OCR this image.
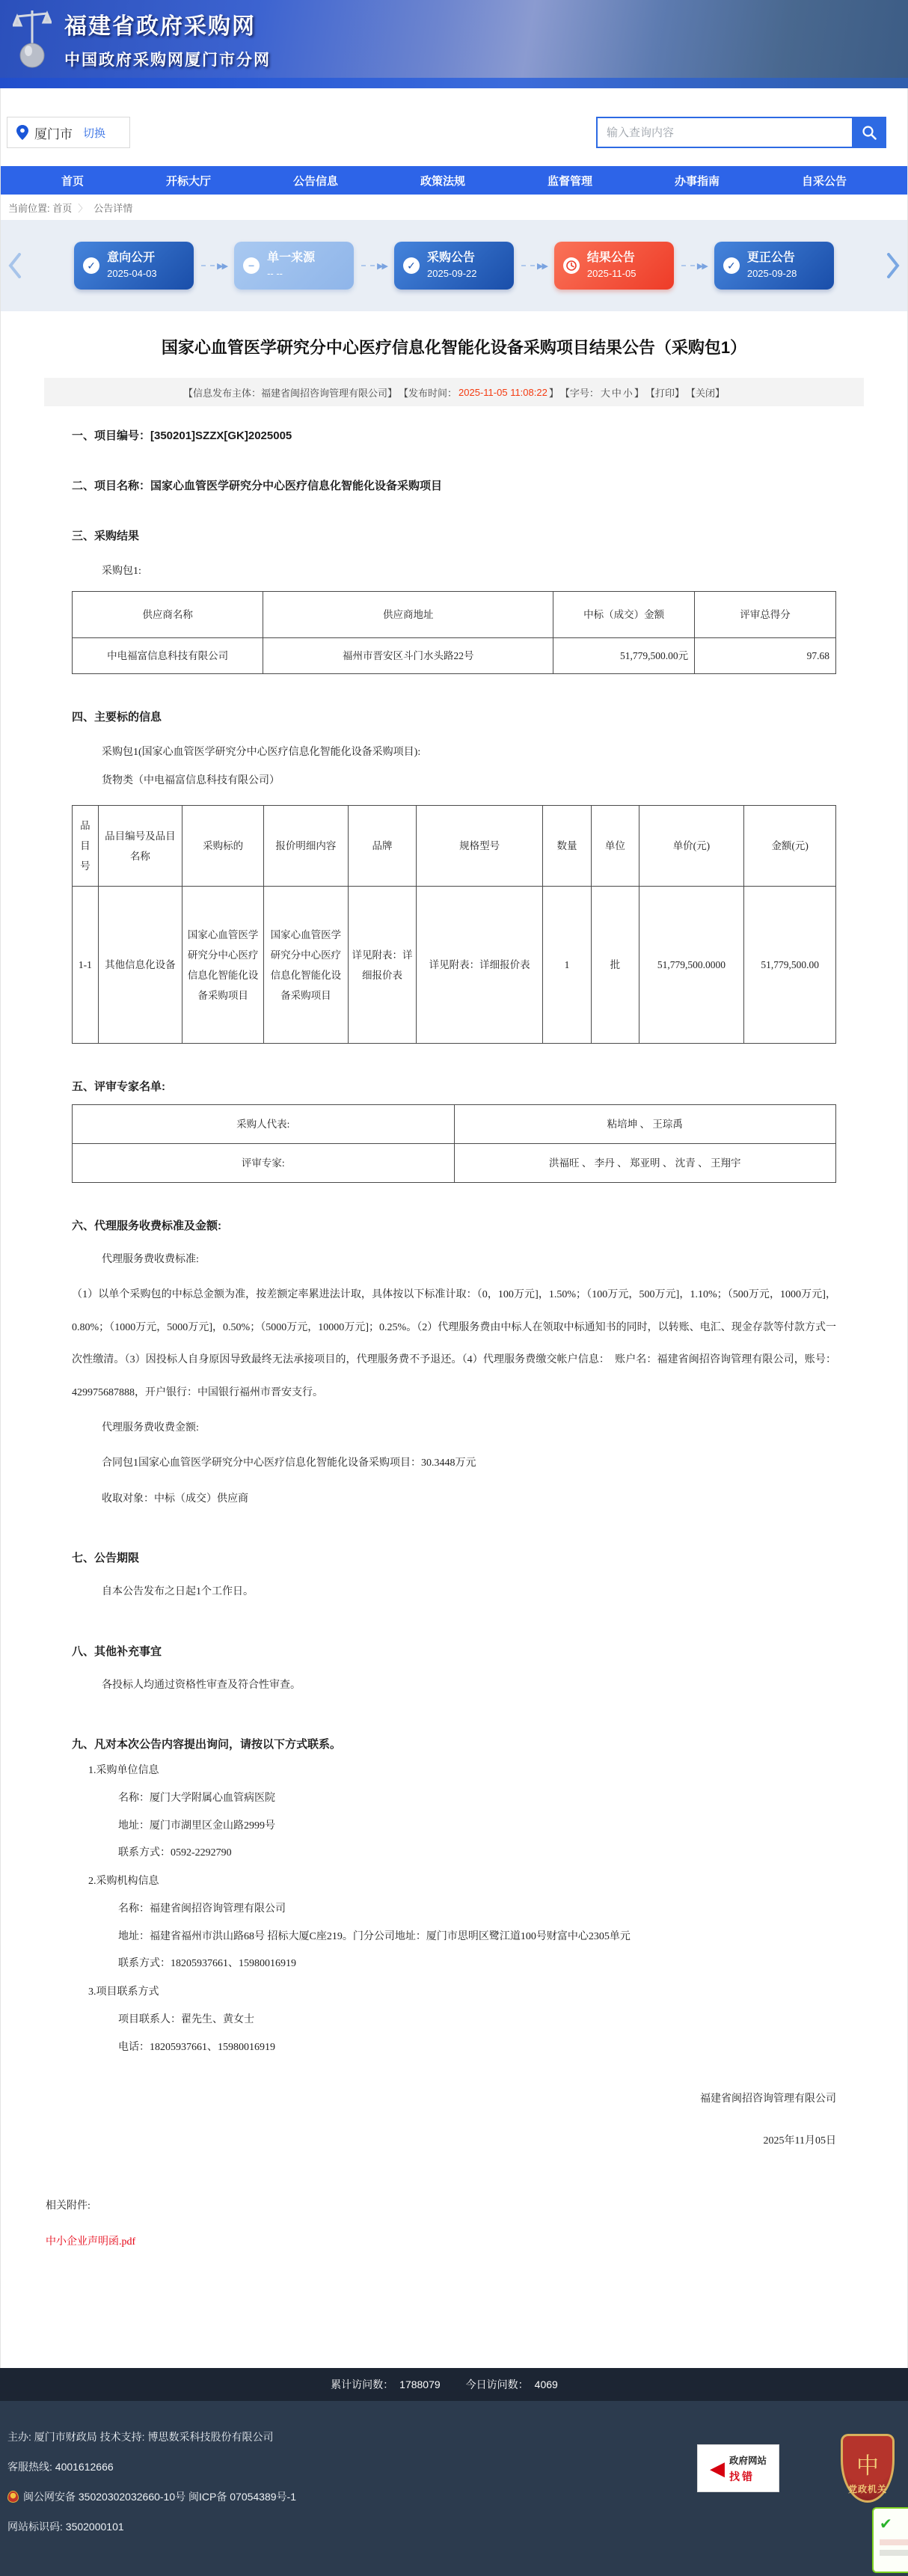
福建省政府采购网
中国政府采购网厦门市分网
厦门市 切换
输入查询内容
首页	开标大厅	公告信息	政策法规	监督管理	办事指南	自采公告
当前位置:
首页 〉 公告详情
✓
意向公开
2025-04-03
▶▶	−
单一来源
-- --
▶▶	✓
采购公告
2025-09-22
▶▶
结果公告
2025-11-05
▶▶	✓
更正公告
2025-09-28
国家心血管医学研究分中心医疗信息化智能化设备采购项目结果公告（采购包1）
【信息发布主体：福建省闽招咨询管理有限公司】 【发布时间： 2025-11-05 11:08:22 】 【字号： 大 中 小 】 【打印】 【关闭】
一、项目编号：[350201]SZZX[GK]2025005
二、项目名称：国家心血管医学研究分中心医疗信息化智能化设备采购项目
三、采购结果
采购包1:
供应商名称	供应商地址	中标（成交）金额	评审总得分
中电福富信息科技有限公司	福州市晋安区斗门水头路22号	51,779,500.00元	97.68
四、主要标的信息
采购包1(国家心血管医学研究分中心医疗信息化智能化设备采购项目):
货物类（中电福富信息科技有限公司）
品目号	品目编号及品目名称	采购标的	报价明细内容	品牌	规格型号	数量	单位	单价(元)	金额(元)
1-1	其他信息化设备	国家心血管医学研究分中心医疗信息化智能化设备采购项目	国家心血管医学研究分中心医疗信息化智能化设备采购项目	详见附表：详细报价表	详见附表：详细报价表	1	批	51,779,500.0000	51,779,500.00
五、评审专家名单:
采购人代表:	粘培坤 、 王琮禹
评审专家:	洪福旺 、 李丹 、 郑亚明 、 沈青 、 王翔宇
六、代理服务收费标准及金额:
代理服务费收费标准:
（1）以单个采购包的中标总金额为准，按差额定率累进法计取，具体按以下标准计取：（0，100万元]，1.50%；（100万元，500万元]，1.10%；（500万元，1000万元]，0.80%；（1000万元，5000万元]，0.50%；（5000万元，10000万元]；0.25%。（2）代理服务费由中标人在领取中标通知书的同时，以转账、电汇、现金存款等付款方式一次性缴清。（3）因投标人自身原因导致最终无法承接项目的，代理服务费不予退还。（4）代理服务费缴交帐户信息：　账户名：福建省闽招咨询管理有限公司，账号：429975687888，开户银行：中国银行福州市晋安支行。
代理服务费收费金额:
合同包1国家心血管医学研究分中心医疗信息化智能化设备采购项目：30.3448万元
收取对象：中标（成交）供应商
七、公告期限
自本公告发布之日起1个工作日。
八、其他补充事宜
各投标人均通过资格性审查及符合性审查。
九、凡对本次公告内容提出询问，请按以下方式联系。
1.采购单位信息
名称：厦门大学附属心血管病医院
地址：厦门市湖里区金山路2999号
联系方式：0592-2292790
2.采购机构信息
名称：福建省闽招咨询管理有限公司
地址：福建省福州市洪山路68号 招标大厦C座219。门分公司地址：厦门市思明区鹭江道100号财富中心2305单元
联系方式：18205937661、15980016919
3.项目联系方式
项目联系人：翟先生、黄女士
电话：18205937661、15980016919
福建省闽招咨询管理有限公司
2025年11月05日
相关附件:
中小企业声明函.pdf
累计访问数： 1788079 今日访问数： 4069
主办: 厦门市财政局 技术支持: 博思数采科技股份有限公司
客服热线: 4001612666
闽公网安备 35020302032660-10号 闽ICP备 07054389号-1
网站标识码: 3502000101
◀ 政府网站
找错	中
党政机关
✔
